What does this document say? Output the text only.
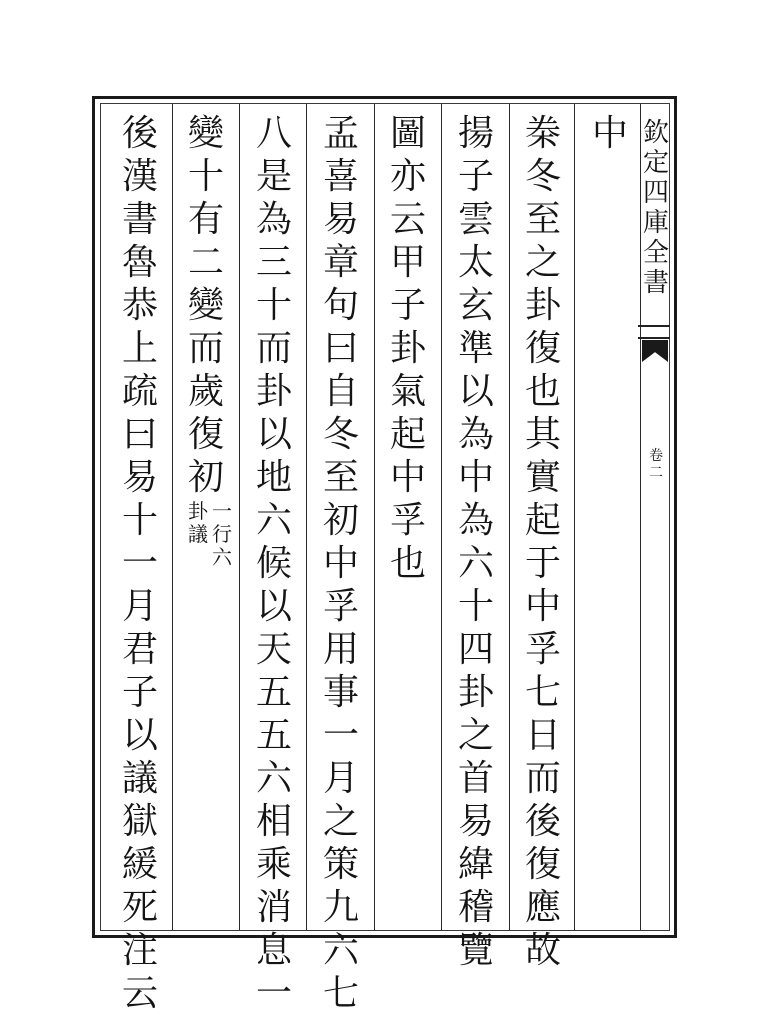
欽
定
四
庫
全
書
卷
二
中
桊
冬
至
之
卦
復
也
其
實
起
于
中
孚
七
日
而
後
復
應
故
揚
子
雲
太
玄
準
以
為
中
為
六
十
四
卦
之
首
易
緯
稽
覽
圖
亦
云
甲
子
卦
氣
起
中
孚
也
孟
喜
易
章
句
曰
自
冬
至
初
中
孚
用
事
一
月
之
策
九
六
七
八
是
為
三
十
而
卦
以
地
六
候
以
天
五
五
六
相
乘
消
息
一
變
十
有
二
變
而
歲
復
初
一
行
六
卦
議
後
漢
書
魯
恭
上
疏
曰
易
十
一
月
君
子
以
議
獄
緩
死
注
云
